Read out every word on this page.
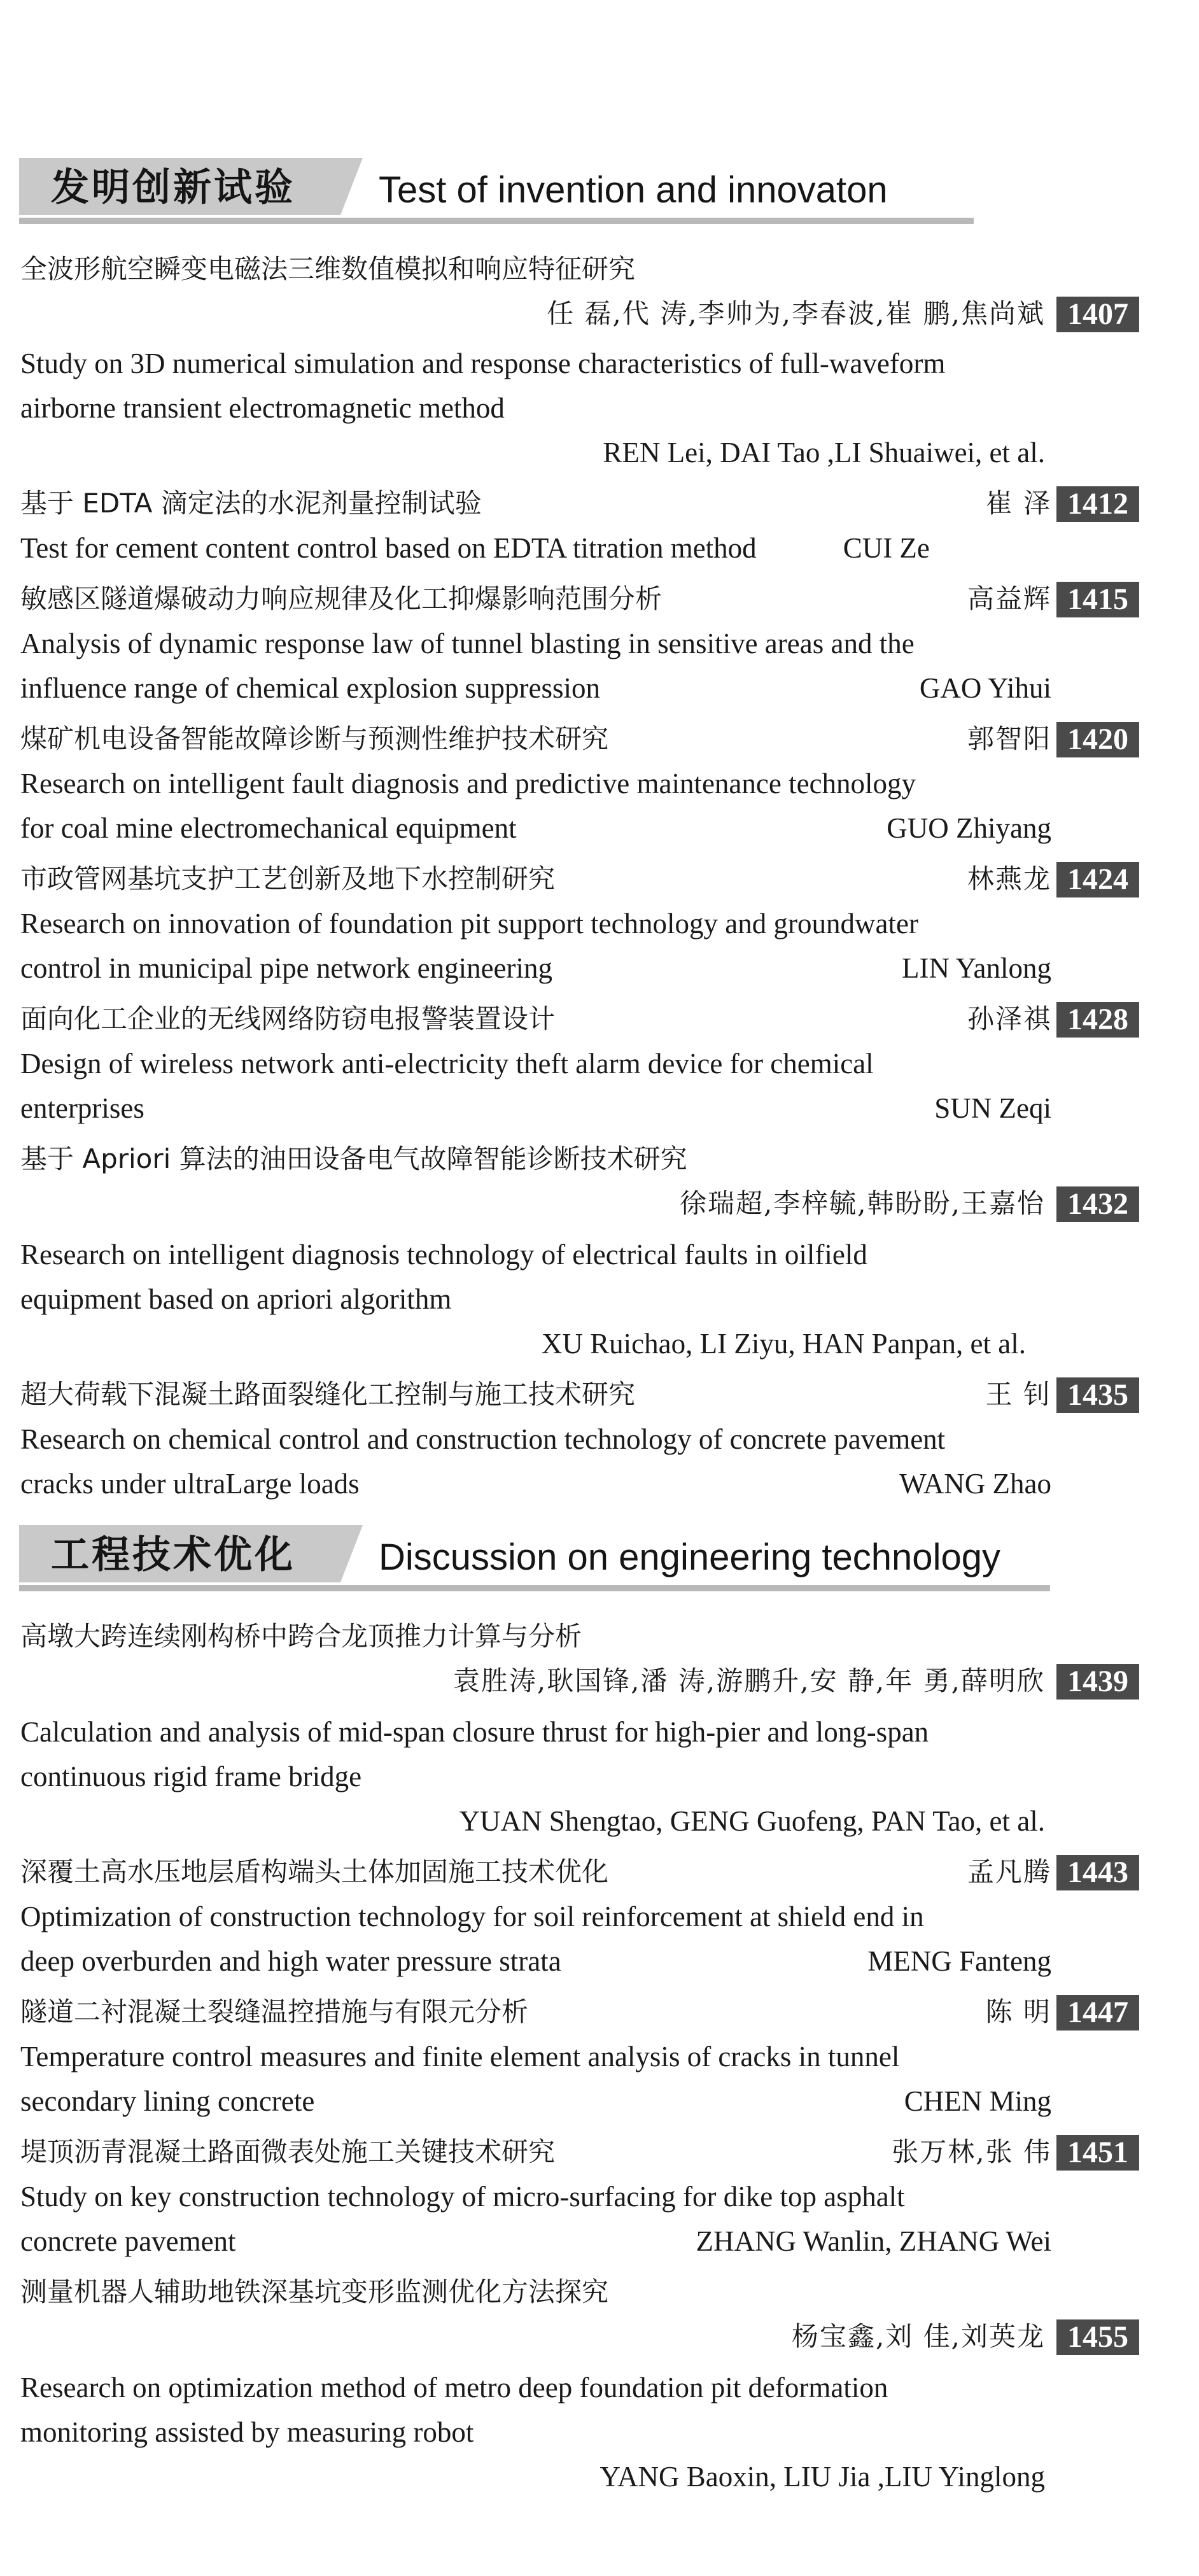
发明创新试验 Test of invention and innovaton
全波形航空瞬变电磁法三维数值模拟和响应特征研究
任 磊,代 涛,李帅为,李春波,崔 鹏,焦尚斌 1407
Study on 3D numerical simulation and response characteristics of full-waveform
airborne transient electromagnetic method
REN Lei, DAI Tao ,LI Shuaiwei, et al.
基于 EDTA 滴定法的水泥剂量控制试验	崔 泽 1412
Test for cement content control based on EDTA titration method	CUI Ze
敏感区隧道爆破动力响应规律及化工抑爆影响范围分析	高益辉 1415
Analysis of dynamic response law of tunnel blasting in sensitive areas and the
influence range of chemical explosion suppression	GAO Yihui
煤矿机电设备智能故障诊断与预测性维护技术研究	郭智阳 1420
Research on intelligent fault diagnosis and predictive maintenance technology
for coal mine electromechanical equipment	GUO Zhiyang
市政管网基坑支护工艺创新及地下水控制研究	林燕龙 1424
Research on innovation of foundation pit support technology and groundwater
control in municipal pipe network engineering	LIN Yanlong
面向化工企业的无线网络防窃电报警装置设计	孙泽祺 1428
Design of wireless network anti-electricity theft alarm device for chemical
enterprises	SUN Zeqi
基于 Apriori 算法的油田设备电气故障智能诊断技术研究
徐瑞超,李梓毓,韩盼盼,王嘉怡 1432
Research on intelligent diagnosis technology of electrical faults in oilfield
equipment based on apriori algorithm
XU Ruichao, LI Ziyu, HAN Panpan, et al.
超大荷载下混凝土路面裂缝化工控制与施工技术研究	王 钊 1435
Research on chemical control and construction technology of concrete pavement
cracks under ultraLarge loads	WANG Zhao
工程技术优化 Discussion on engineering technology
高墩大跨连续刚构桥中跨合龙顶推力计算与分析
袁胜涛,耿国锋,潘 涛,游鹏升,安 静,年 勇,薛明欣 1439
Calculation and analysis of mid-span closure thrust for high-pier and long-span
continuous rigid frame bridge
YUAN Shengtao, GENG Guofeng, PAN Tao, et al.
深覆土高水压地层盾构端头土体加固施工技术优化	孟凡腾 1443
Optimization of construction technology for soil reinforcement at shield end in
deep overburden and high water pressure strata	MENG Fanteng
隧道二衬混凝土裂缝温控措施与有限元分析	陈 明 1447
Temperature control measures and finite element analysis of cracks in tunnel
secondary lining concrete	CHEN Ming
堤顶沥青混凝土路面微表处施工关键技术研究	张万林,张 伟 1451
Study on key construction technology of micro-surfacing for dike top asphalt
concrete pavement	ZHANG Wanlin, ZHANG Wei
测量机器人辅助地铁深基坑变形监测优化方法探究
杨宝鑫,刘 佳,刘英龙 1455
Research on optimization method of metro deep foundation pit deformation
monitoring assisted by measuring robot
YANG Baoxin, LIU Jia ,LIU Yinglong
